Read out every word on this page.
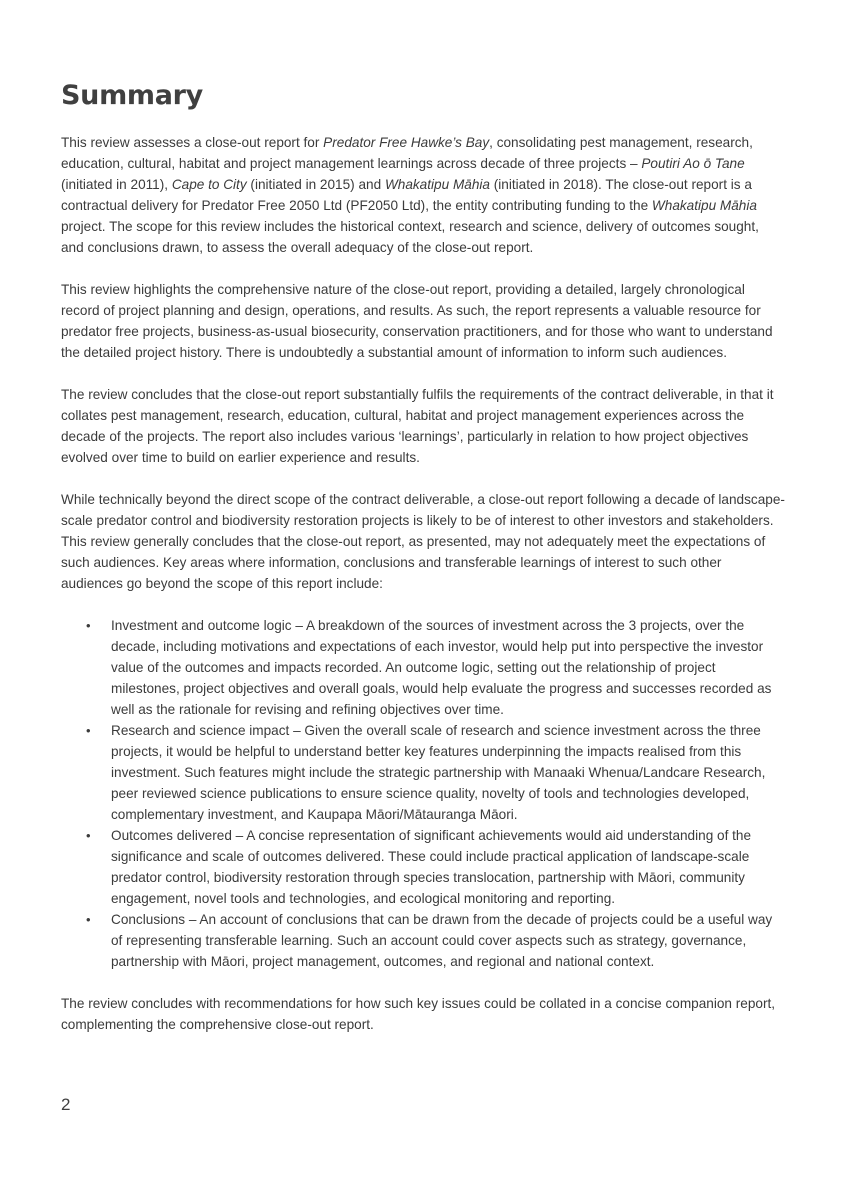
Summary

This review assesses a close-out report for Predator Free Hawke’s Bay, consolidating pest management, research, education, cultural, habitat and project management learnings across decade of three projects – Poutiri Ao ō Tane (initiated in 2011), Cape to City (initiated in 2015) and Whakatipu Māhia (initiated in 2018). The close-out report is a contractual delivery for Predator Free 2050 Ltd (PF2050 Ltd), the entity contributing funding to the Whakatipu Māhia project. The scope for this review includes the historical context, research and science, delivery of outcomes sought, and conclusions drawn, to assess the overall adequacy of the close-out report.

This review highlights the comprehensive nature of the close-out report, providing a detailed, largely chronological record of project planning and design, operations, and results. As such, the report represents a valuable resource for predator free projects, business-as-usual biosecurity, conservation practitioners, and for those who want to understand the detailed project history. There is undoubtedly a substantial amount of information to inform such audiences.

The review concludes that the close-out report substantially fulfils the requirements of the contract deliverable, in that it collates pest management, research, education, cultural, habitat and project management experiences across the decade of the projects. The report also includes various ‘learnings’, particularly in relation to how project objectives evolved over time to build on earlier experience and results.

While technically beyond the direct scope of the contract deliverable, a close-out report following a decade of landscape-scale predator control and biodiversity restoration projects is likely to be of interest to other investors and stakeholders. This review generally concludes that the close-out report, as presented, may not adequately meet the expectations of such audiences. Key areas where information, conclusions and transferable learnings of interest to such other audiences go beyond the scope of this report include:

• Investment and outcome logic – A breakdown of the sources of investment across the 3 projects, over the decade, including motivations and expectations of each investor, would help put into perspective the investor value of the outcomes and impacts recorded. An outcome logic, setting out the relationship of project milestones, project objectives and overall goals, would help evaluate the progress and successes recorded as well as the rationale for revising and refining objectives over time.
• Research and science impact – Given the overall scale of research and science investment across the three projects, it would be helpful to understand better key features underpinning the impacts realised from this investment. Such features might include the strategic partnership with Manaaki Whenua/Landcare Research, peer reviewed science publications to ensure science quality, novelty of tools and technologies developed, complementary investment, and Kaupapa Māori/Mātauranga Māori.
• Outcomes delivered – A concise representation of significant achievements would aid understanding of the significance and scale of outcomes delivered. These could include practical application of landscape-scale predator control, biodiversity restoration through species translocation, partnership with Māori, community engagement, novel tools and technologies, and ecological monitoring and reporting.
• Conclusions – An account of conclusions that can be drawn from the decade of projects could be a useful way of representing transferable learning. Such an account could cover aspects such as strategy, governance, partnership with Māori, project management, outcomes, and regional and national context.

The review concludes with recommendations for how such key issues could be collated in a concise companion report, complementing the comprehensive close-out report.

2
